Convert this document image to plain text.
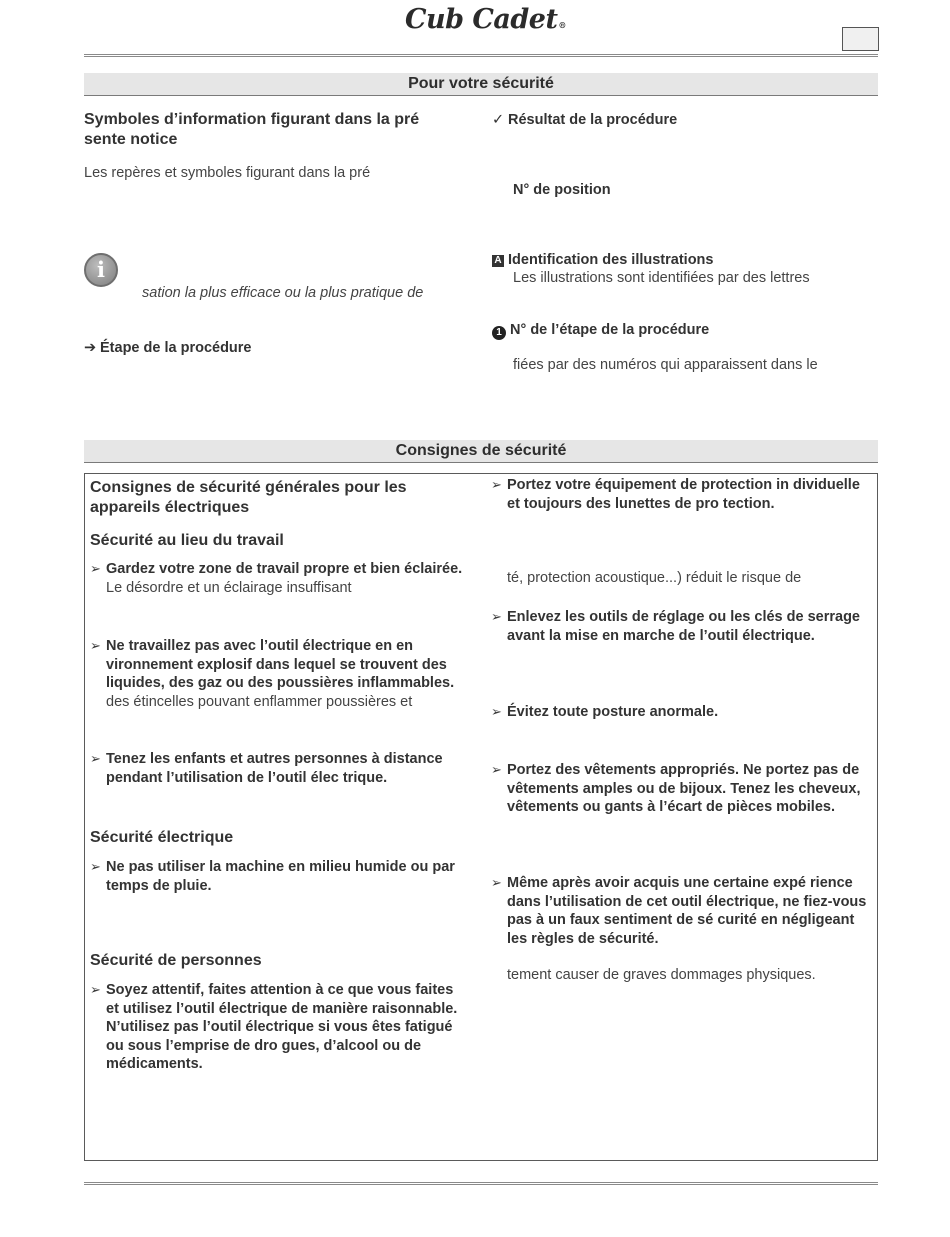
Cub Cadet®
Pour votre sécurité
Symboles d’information figurant dans la pré sente notice
Les repères et symboles figurant dans la pré
i
sation la plus efficace ou la plus pratique de
➔ Étape de la procédure
✓ Résultat de la procédure
N° de position
A Identification des illustrations
Les illustrations sont identifiées par des lettres
1 N° de l’étape de la procédure
fiées par des numéros qui apparaissent dans le
Consignes de sécurité
Consignes de sécurité générales pour les appareils électriques
Sécurité au lieu du travail
➢ Gardez votre zone de travail propre et bien éclairée. Le désordre et un éclairage insuffisant
➢ Ne travaillez pas avec l’outil électrique en en vironnement explosif dans lequel se trouvent des liquides, des gaz ou des poussières inflammables.
des étincelles pouvant enflammer poussières et
➢ Tenez les enfants et autres personnes à distance pendant l’utilisation de l’outil élec trique.
Sécurité électrique
➢ Ne pas utiliser la machine en milieu humide ou par temps de pluie.
Sécurité de personnes
➢ Soyez attentif, faites attention à ce que vous faites et utilisez l’outil électrique de manière raisonnable. N’utilisez pas l’outil électrique si vous êtes fatigué ou sous l’emprise de dro gues, d’alcool ou de médicaments.
➢ Portez votre équipement de protection in dividuelle et toujours des lunettes de pro tection.
té, protection acoustique...) réduit le risque de
➢ Enlevez les outils de réglage ou les clés de serrage avant la mise en marche de l’outil électrique.
➢ Évitez toute posture anormale.
➢ Portez des vêtements appropriés. Ne portez pas de vêtements amples ou de bijoux. Tenez les cheveux, vêtements ou gants à l’écart de pièces mobiles.
➢ Même après avoir acquis une certaine expé rience dans l’utilisation de cet outil électrique, ne fiez-vous pas à un faux sentiment de sé curité en négligeant les règles de sécurité.
tement causer de graves dommages physiques.
